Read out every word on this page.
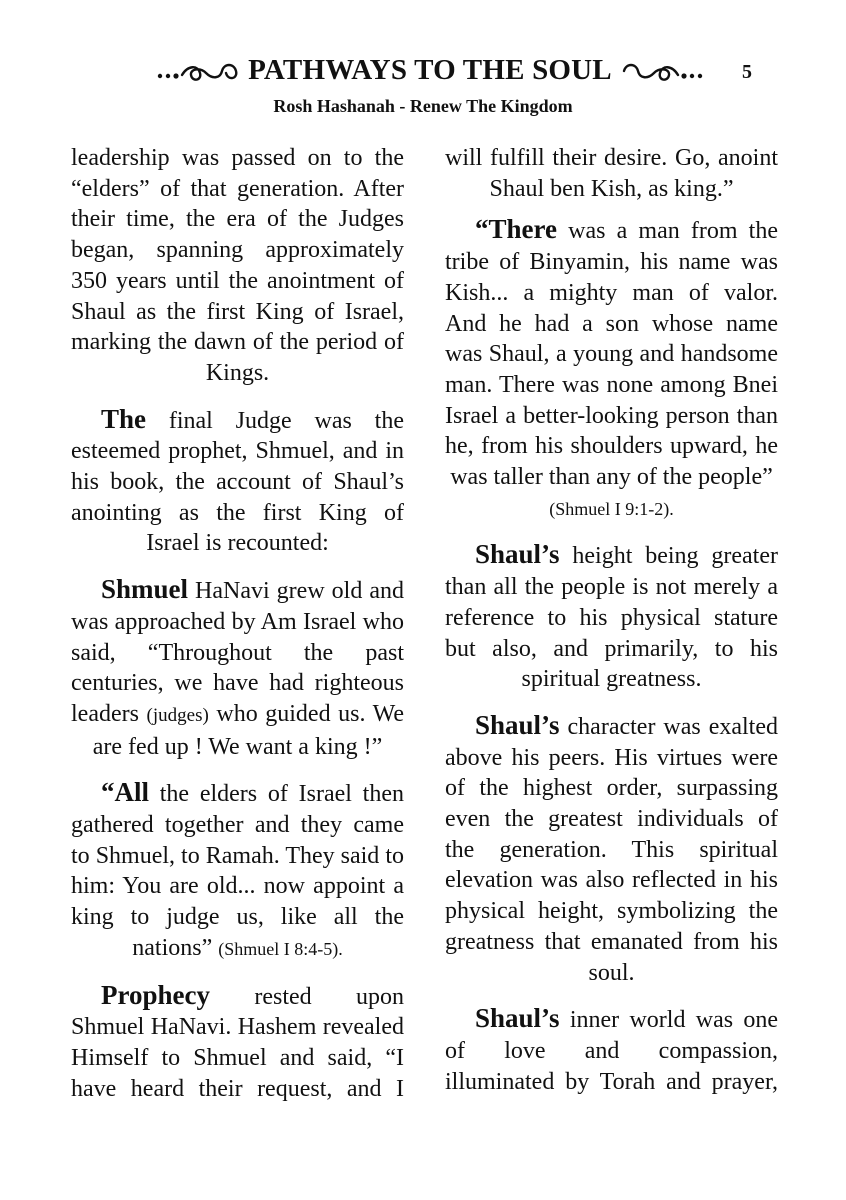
PATHWAYS TO THE SOUL	5
Rosh Hashanah - Renew The Kingdom

leadership was passed on to the “elders” of that generation. After their time, the era of the Judges began, spanning approximately 350 years until the anointment of Shaul as the first King of Israel, marking the dawn of the period of Kings.

The final Judge was the esteemed prophet, Shmuel, and in his book, the account of Shaul’s anointing as the first King of Israel is recounted:

Shmuel HaNavi grew old and was approached by Am Israel who said, “Throughout the past centuries, we have had righteous leaders (judges) who guided us. We are fed up ! We want a king !”

“All the elders of Israel then gathered together and they came to Shmuel, to Ramah. They said to him: You are old... now appoint a king to judge us, like all the nations” (Shmuel I 8:4-5).

Prophecy rested upon Shmuel HaNavi. Hashem revealed Himself to Shmuel and said, “I have heard their request, and I

will fulfill their desire. Go, anoint Shaul ben Kish, as king.”

“There was a man from the tribe of Binyamin, his name was Kish... a mighty man of valor. And he had a son whose name was Shaul, a young and handsome man. There was none among Bnei Israel a better-looking person than he, from his shoulders upward, he was taller than any of the people”
(Shmuel I 9:1-2).

Shaul’s height being greater than all the people is not merely a reference to his physical stature but also, and primarily, to his spiritual greatness.

Shaul’s character was exalted above his peers. His virtues were of the highest order, surpassing even the greatest individuals of the generation. This spiritual elevation was also reflected in his physical height, symbolizing the greatness that emanated from his soul.

Shaul’s inner world was one of love and compassion, illuminated by Torah and prayer,
